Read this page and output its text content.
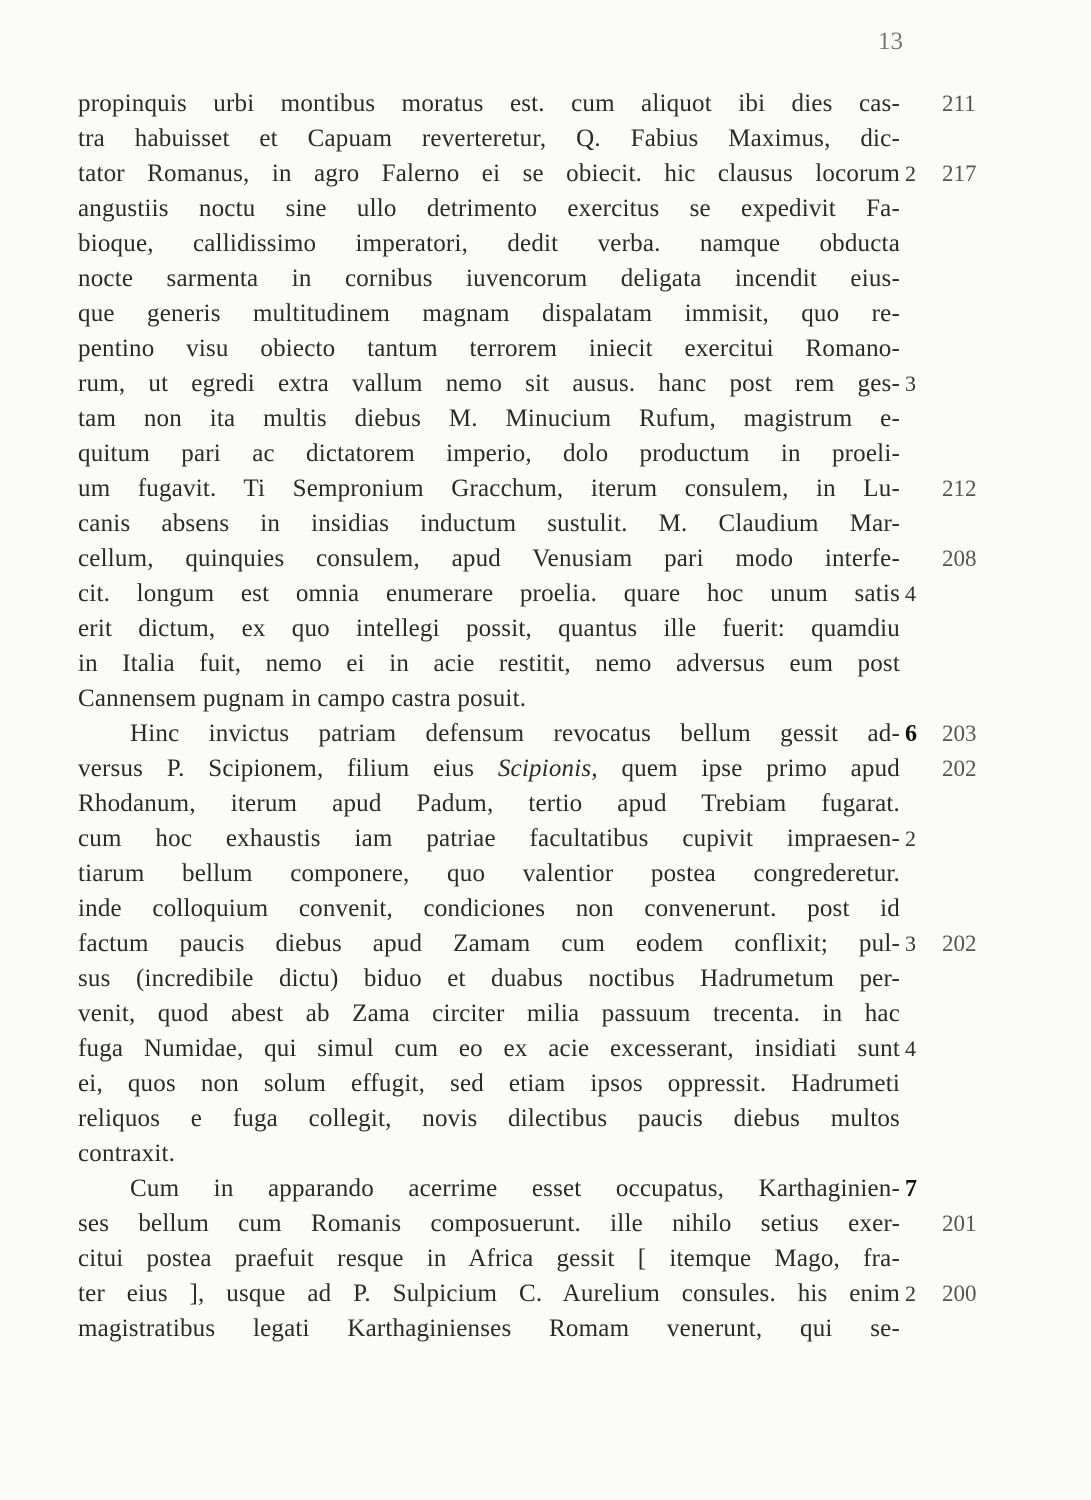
13
propinquis urbi montibus moratus est. cum aliquot ibi dies cas-
tra habuisset et Capuam reverteretur, Q. Fabius Maximus, dic-
tator Romanus, in agro Falerno ei se obiecit. hic clausus locorum
angustiis noctu sine ullo detrimento exercitus se expedivit Fa-
bioque, callidissimo imperatori, dedit verba. namque obducta
nocte sarmenta in cornibus iuvencorum deligata incendit eius-
que generis multitudinem magnam dispalatam immisit, quo re-
pentino visu obiecto tantum terrorem iniecit exercitui Romano-
rum, ut egredi extra vallum nemo sit ausus. hanc post rem ges-
tam non ita multis diebus M. Minucium Rufum, magistrum e-
quitum pari ac dictatorem imperio, dolo productum in proeli-
um fugavit. Ti Sempronium Gracchum, iterum consulem, in Lu-
canis absens in insidias inductum sustulit. M. Claudium Mar-
cellum, quinquies consulem, apud Venusiam pari modo interfe-
cit. longum est omnia enumerare proelia. quare hoc unum satis
erit dictum, ex quo intellegi possit, quantus ille fuerit: quamdiu
in Italia fuit, nemo ei in acie restitit, nemo adversus eum post
Cannensem pugnam in campo castra posuit.
Hinc invictus patriam defensum revocatus bellum gessit ad-
versus P. Scipionem, filium eius Scipionis, quem ipse primo apud
Rhodanum, iterum apud Padum, tertio apud Trebiam fugarat.
cum hoc exhaustis iam patriae facultatibus cupivit impraesen-
tiarum bellum componere, quo valentior postea congrederetur.
inde colloquium convenit, condiciones non convenerunt. post id
factum paucis diebus apud Zamam cum eodem conflixit; pul-
sus (incredibile dictu) biduo et duabus noctibus Hadrumetum per-
venit, quod abest ab Zama circiter milia passuum trecenta. in hac
fuga Numidae, qui simul cum eo ex acie excesserant, insidiati sunt
ei, quos non solum effugit, sed etiam ipsos oppressit. Hadrumeti
reliquos e fuga collegit, novis dilectibus paucis diebus multos
contraxit.
Cum in apparando acerrime esset occupatus, Karthaginien-
ses bellum cum Romanis composuerunt. ille nihilo setius exer-
citui postea praefuit resque in Africa gessit [ itemque Mago, fra-
ter eius ], usque ad P. Sulpicium C. Aurelium consules. his enim
magistratibus legati Karthaginienses Romam venerunt, qui se-
2
3
4
6
2
3
4
7
2
211
217
212
208
203
202
202
201
200
